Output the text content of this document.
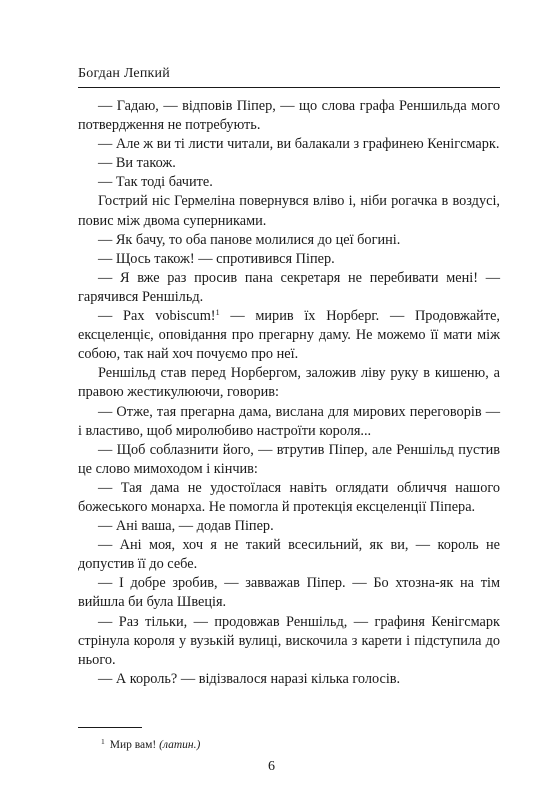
Богдан Лепкий

— Гадаю, — відповів Піпер, — що слова графа Реншильда мого потвердження не потребують.

— Але ж ви ті листи читали, ви балакали з графинею Кенігсмарк.

— Ви також.

— Так тоді бачите.

Гострий ніс Гермеліна повернувся вліво і, ніби рогачка в воздусі, повис між двома суперниками.

— Як бачу, то оба панове молилися до цеї богині.

— Щось також! — спротивився Піпер.

— Я вже раз просив пана секретаря не перебивати мені! — гарячився Реншільд.

— Pax vobiscum!$^1$ — мирив їх Норберг. — Продовжайте, ексцеленціє, оповідання про прегарну даму. Не можемо її мати між собою, так най хоч почуємо про неї.

Реншільд став перед Норбергом, заложив ліву руку в кишеню, а правою жестикулюючи, говорив:

— Отже, тая прегарна дама, вислана для мирових переговорів — і властиво, щоб миролюбиво настроїти короля...

— Щоб соблазнити його, — втрутив Піпер, але Реншільд пустив це слово мимоходом і кінчив:

— Тая дама не удостоїлася навіть оглядати обличчя нашого божеського монарха. Не помогла й протекція ексцеленції Піпера.

— Ані ваша, — додав Піпер.

— Ані моя, хоч я не такий всесильний, як ви, — король не допустив її до себе.

— І добре зробив, — завважав Піпер. — Бо хтозна-як на тім вийшла би була Швеція.

— Раз тільки, — продовжав Реншільд, — графиня Кенігсмарк стрінула короля у вузькій вулиці, вискочила з карети і підступила до нього.

— А король? — відізвалося наразі кілька голосів.

$^1$ Мир вам! (латин.)
6
